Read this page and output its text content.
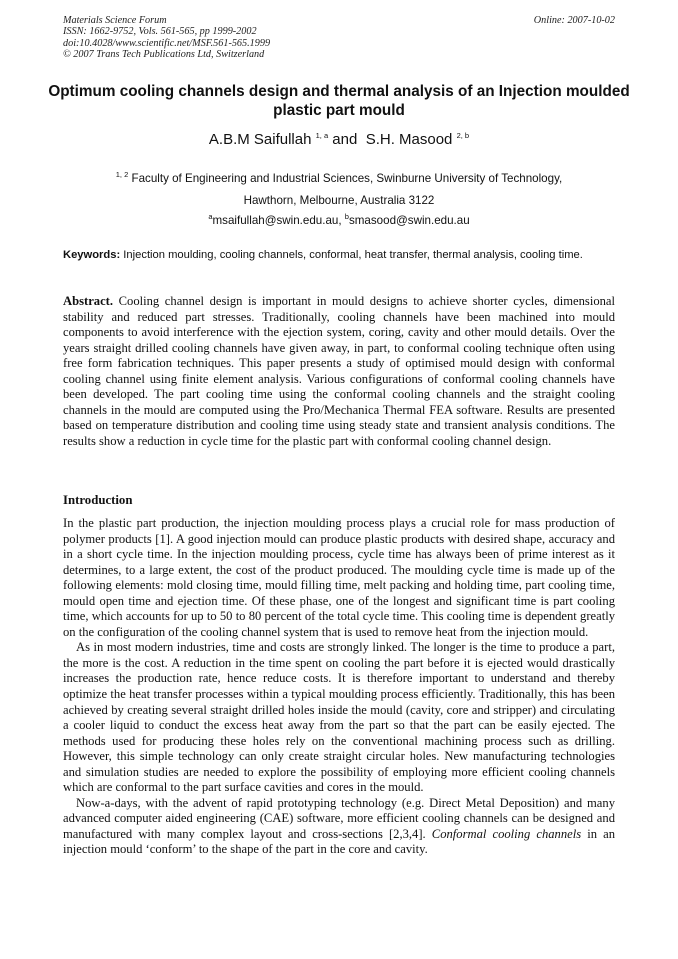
Materials Science Forum
ISSN: 1662-9752, Vols. 561-565, pp 1999-2002
doi:10.4028/www.scientific.net/MSF.561-565.1999
© 2007 Trans Tech Publications Ltd, Switzerland
Online: 2007-10-02
Optimum cooling channels design and thermal analysis of an Injection moulded plastic part mould
A.B.M Saifullah $^{1, a}$ and  S.H. Masood $^{2, b}$
$^{1, 2}$ Faculty of Engineering and Industrial Sciences, Swinburne University of Technology,
Hawthorn, Melbourne, Australia 3122
$^a$msaifullah@swin.edu.au, $^b$smasood@swin.edu.au
Keywords: Injection moulding, cooling channels, conformal, heat transfer, thermal analysis, cooling time.

Abstract. Cooling channel design is important in mould designs to achieve shorter cycles, dimensional stability and reduced part stresses. Traditionally, cooling channels have been machined into mould components to avoid interference with the ejection system, coring, cavity and other mould details. Over the years straight drilled cooling channels have given away, in part, to conformal cooling technique often using free form fabrication techniques. This paper presents a study of optimised mould design with conformal cooling channel using finite element analysis. Various configurations of conformal cooling channels have been developed. The part cooling time using the conformal cooling channels and the straight cooling channels in the mould are computed using the Pro/Mechanica Thermal FEA software. Results are presented based on temperature distribution and cooling time using steady state and transient analysis conditions. The results show a reduction in cycle time for the plastic part with conformal cooling channel design.

Introduction

In the plastic part production, the injection moulding process plays a crucial role for mass production of polymer products [1]. A good injection mould can produce plastic products with desired shape, accuracy and in a short cycle time. In the injection moulding process, cycle time has always been of prime interest as it determines, to a large extent, the cost of the product produced. The moulding cycle time is made up of the following elements: mold closing time, mould filling time, melt packing and holding time, part cooling time, mould open time and ejection time. Of these phase, one of the longest and significant time is part cooling time, which accounts for up to 50 to 80 percent of the total cycle time. This cooling time is dependent greatly on the configuration of the cooling channel system that is used to remove heat from the injection mould.

As in most modern industries, time and costs are strongly linked. The longer is the time to produce a part, the more is the cost. A reduction in the time spent on cooling the part before it is ejected would drastically increases the production rate, hence reduce costs. It is therefore important to understand and thereby optimize the heat transfer processes within a typical moulding process efficiently. Traditionally, this has been achieved by creating several straight drilled holes inside the mould (cavity, core and stripper) and circulating a cooler liquid to conduct the excess heat away from the part so that the part can be easily ejected. The methods used for producing these holes rely on the conventional machining process such as drilling. However, this simple technology can only create straight circular holes. New manufacturing technologies and simulation studies are needed to explore the possibility of employing more efficient cooling channels which are conformal to the part surface cavities and cores in the mould.

Now-a-days, with the advent of rapid prototyping technology (e.g. Direct Metal Deposition) and many advanced computer aided engineering (CAE) software, more efficient cooling channels can be designed and manufactured with many complex layout and cross-sections [2,3,4]. Conformal cooling channels in an injection mould ‘conform’ to the shape of the part in the core and cavity.
